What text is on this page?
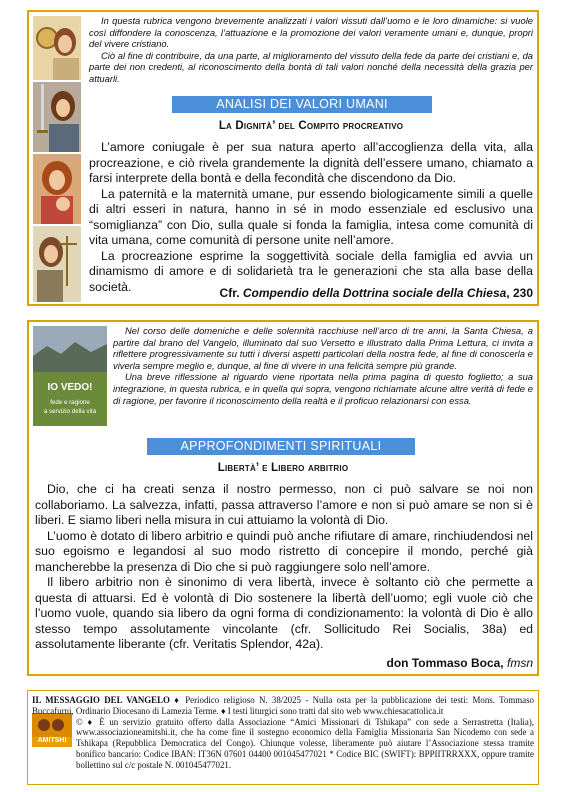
In questa rubrica vengono brevemente analizzati i valori vissuti dall’uomo e le loro dinamiche: si vuole così diffondere la conoscenza, l’attuazione e la promozione dei valori veramente umani e, dunque, propri del vivere cristiano.
Ciò al fine di contribuire, da una parte, al miglioramento del vissuto della fede da parte dei cristiani e, da parte dei non credenti, al riconoscimento della bontà di tali valori nonché della necessità della grazia per attuarli.
ANALISI DEI VALORI UMANI
La Dignità’ del Compito procreativo

L’amore coniugale è per sua natura aperto all’accoglienza della vita, alla procreazione, e ciò rivela grandemente la dignità dell’essere umano, chiamato a farsi interprete della bontà e della fecondità che discendono da Dio.

La paternità e la maternità umane, pur essendo biologicamente simili a quelle di altri esseri in natura, hanno in sé in modo essenziale ed esclusivo una “somiglianza” con Dio, sulla quale si fonda la famiglia, intesa come comunità di vita umana, come comunità di persone unite nell’amore.

La procreazione esprime la soggettività sociale della famiglia ed avvia un dinamismo di amore e di solidarietà tra le generazioni che sta alla base della società.	Cfr. Compendio della Dottrina sociale della Chiesa, 230
IO VEDO!
fede e ragione
a servizio della vita
Nel corso delle domeniche e delle solennità racchiuse nell’arco di tre anni, la Santa Chiesa, a partire dal brano del Vangelo, illuminato dal suo Versetto e illustrato dalla Prima Lettura, ci invita a riflettere progressivamente su tutti i diversi aspetti particolari della nostra fede, al fine di conoscerla e viverla sempre meglio e, dunque, al fine di vivere in una felicità sempre più grande.
Una breve riflessione al riguardo viene riportata nella prima pagina di questo foglietto; a sua integrazione, in questa rubrica, e in quella qui sopra, vengono richiamate alcune altre verità di fede e di ragione, per favorire il riconoscimento della realtà e il proficuo relazionarsi con essa.
APPROFONDIMENTI SPIRITUALI
Libertà’ e Libero arbitrio

Dio, che ci ha creati senza il nostro permesso, non ci può salvare se noi non collaboriamo. La salvezza, infatti, passa attraverso l’amore e non si può amare se non si è liberi. E siamo liberi nella misura in cui attuiamo la volontà di Dio.

L’uomo è dotato di libero arbitrio e quindi può anche rifiutare di amare, rinchiudendosi nel suo egoismo e legandosi al suo modo ristretto di concepire il mondo, perché già mancherebbe la presenza di Dio che si può raggiungere solo nell’amore.

Il libero arbitrio non è sinonimo di vera libertà, invece è soltanto ciò che permette a questa di attuarsi. Ed è volontà di Dio sostenere la libertà dell’uomo; egli vuole ciò che l’uomo vuole, quando sia libero da ogni forma di condizionamento: la volontà di Dio è allo stesso tempo assolutamente vincolante (cfr. Sollicitudo Rei Socialis, 38a) ed assolutamente liberante (cfr. Veritatis Splendor, 42a).

don Tommaso Boca, fmsn
AMITSHI
IL MESSAGGIO DEL VANGELO ♦ Periodico religioso N. 38/2025 - Nulla osta per la pubblicazione dei testi: Mons. Tommaso Buccafurni, Ordinario Diocesano di Lamezia Terme. ♦ I testi liturgici sono tratti dal sito web www.chiesacattolica.it
© ♦ È un servizio gratuito offerto dalla Associazione “Amici Missionari di Tshikapa” con sede a Serrastretta (Italia), www.associazioneamitshi.it, che ha come fine il sostegno economico della Famiglia Missionaria San Nicodemo con sede a Tshikapa (Repubblica Democratica del Congo). Chiunque volesse, liberamente può aiutare l’Associazione stessa tramite bonifico bancario: Codice IBAN: IT36N 07601 04400 001045477021 * Codice BIC (SWIFT): BPPIITRRXXX, oppure tramite bollettino sul c/c postale N. 001045477021.
